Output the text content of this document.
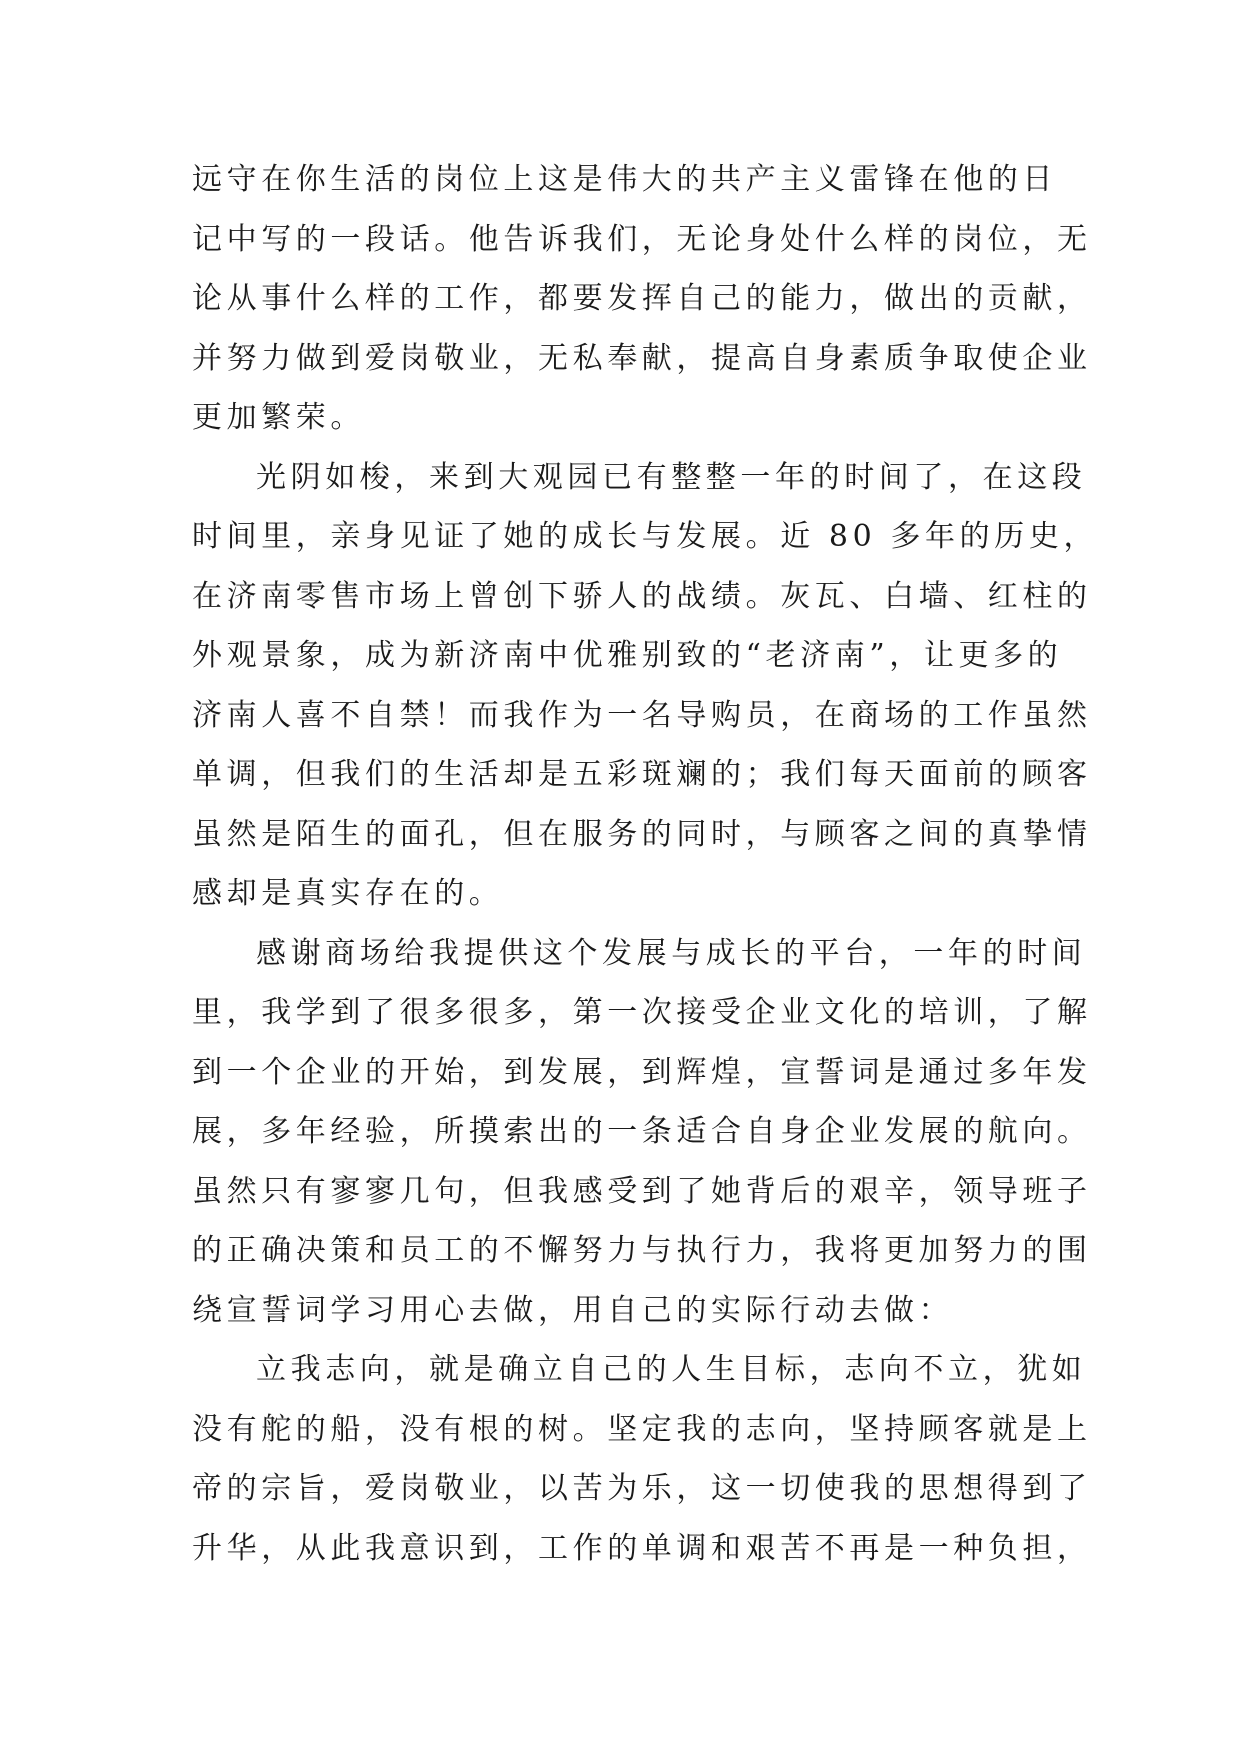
远守在你生活的岗位上这是伟大的共产主义雷锋在他的日
记中写的一段话。他告诉我们，无论身处什么样的岗位，无
论从事什么样的工作，都要发挥自己的能力，做出的贡献，
并努力做到爱岗敬业，无私奉献，提高自身素质争取使企业
更加繁荣。
光阴如梭，来到大观园已有整整一年的时间了，在这段
时间里，亲身见证了她的成长与发展。近 80 多年的历史，
在济南零售市场上曾创下骄人的战绩。灰瓦、白墙、红柱的
外观景象，成为新济南中优雅别致的“老济南”，让更多的
济南人喜不自禁！而我作为一名导购员，在商场的工作虽然
单调，但我们的生活却是五彩斑斓的；我们每天面前的顾客
虽然是陌生的面孔，但在服务的同时，与顾客之间的真挚情
感却是真实存在的。
感谢商场给我提供这个发展与成长的平台，一年的时间
里，我学到了很多很多，第一次接受企业文化的培训，了解
到一个企业的开始，到发展，到辉煌，宣誓词是通过多年发
展，多年经验，所摸索出的一条适合自身企业发展的航向。
虽然只有寥寥几句，但我感受到了她背后的艰辛，领导班子
的正确决策和员工的不懈努力与执行力，我将更加努力的围
绕宣誓词学习用心去做，用自己的实际行动去做：
立我志向，就是确立自己的人生目标，志向不立，犹如
没有舵的船，没有根的树。坚定我的志向，坚持顾客就是上
帝的宗旨，爱岗敬业，以苦为乐，这一切使我的思想得到了
升华，从此我意识到，工作的单调和艰苦不再是一种负担，
